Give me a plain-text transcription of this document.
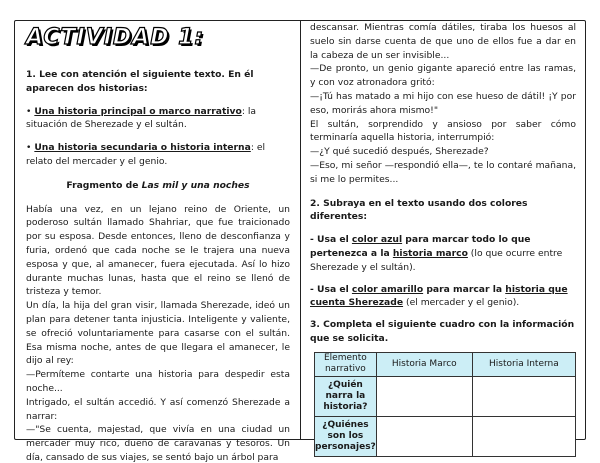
ACTIVIDAD 1:
1. Lee con atención el siguiente texto. En él aparecen dos historias:
• Una historia principal o marco narrativo: la situación de Sherezade y el sultán.
• Una historia secundaria o historia interna: el relato del mercader y el genio.
Fragmento de Las mil y una noches
Había una vez, en un lejano reino de Oriente, un poderoso sultán llamado Shahriar, que fue traicionado por su esposa. Desde entonces, lleno de desconfianza y furia, ordenó que cada noche se le trajera una nueva esposa y que, al amanecer, fuera ejecutada. Así lo hizo durante muchas lunas, hasta que el reino se llenó de tristeza y temor.
Un día, la hija del gran visir, llamada Sherezade, ideó un plan para detener tanta injusticia. Inteligente y valiente, se ofreció voluntariamente para casarse con el sultán. Esa misma noche, antes de que llegara el amanecer, le dijo al rey:
—Permíteme contarte una historia para despedir esta noche...
Intrigado, el sultán accedió. Y así comenzó Sherezade a narrar:
—"Se cuenta, majestad, que vivía en una ciudad un mercader muy rico, dueño de caravanas y tesoros. Un día, cansado de sus viajes, se sentó bajo un árbol para
descansar. Mientras comía dátiles, tiraba los huesos al suelo sin darse cuenta de que uno de ellos fue a dar en la cabeza de un ser invisible...
—De pronto, un genio gigante apareció entre las ramas, y con voz atronadora gritó:
—¡Tú has matado a mi hijo con ese hueso de dátil! ¡Y por eso, morirás ahora mismo!"
El sultán, sorprendido y ansioso por saber cómo terminaría aquella historia, interrumpió:
—¿Y qué sucedió después, Sherezade?
—Eso, mi señor —respondió ella—, te lo contaré mañana, si me lo permites...
2. Subraya en el texto usando dos colores diferentes:
- Usa el color azul para marcar todo lo que pertenezca a la historia marco (lo que ocurre entre Sherezade y el sultán).
- Usa el color amarillo para marcar la historia que cuenta Sherezade (el mercader y el genio).
3. Completa el siguiente cuadro con la información que se solicita.
Elemento narrativo	Historia Marco	Historia Interna
¿Quién narra la historia?		
¿Quiénes son los personajes?		
